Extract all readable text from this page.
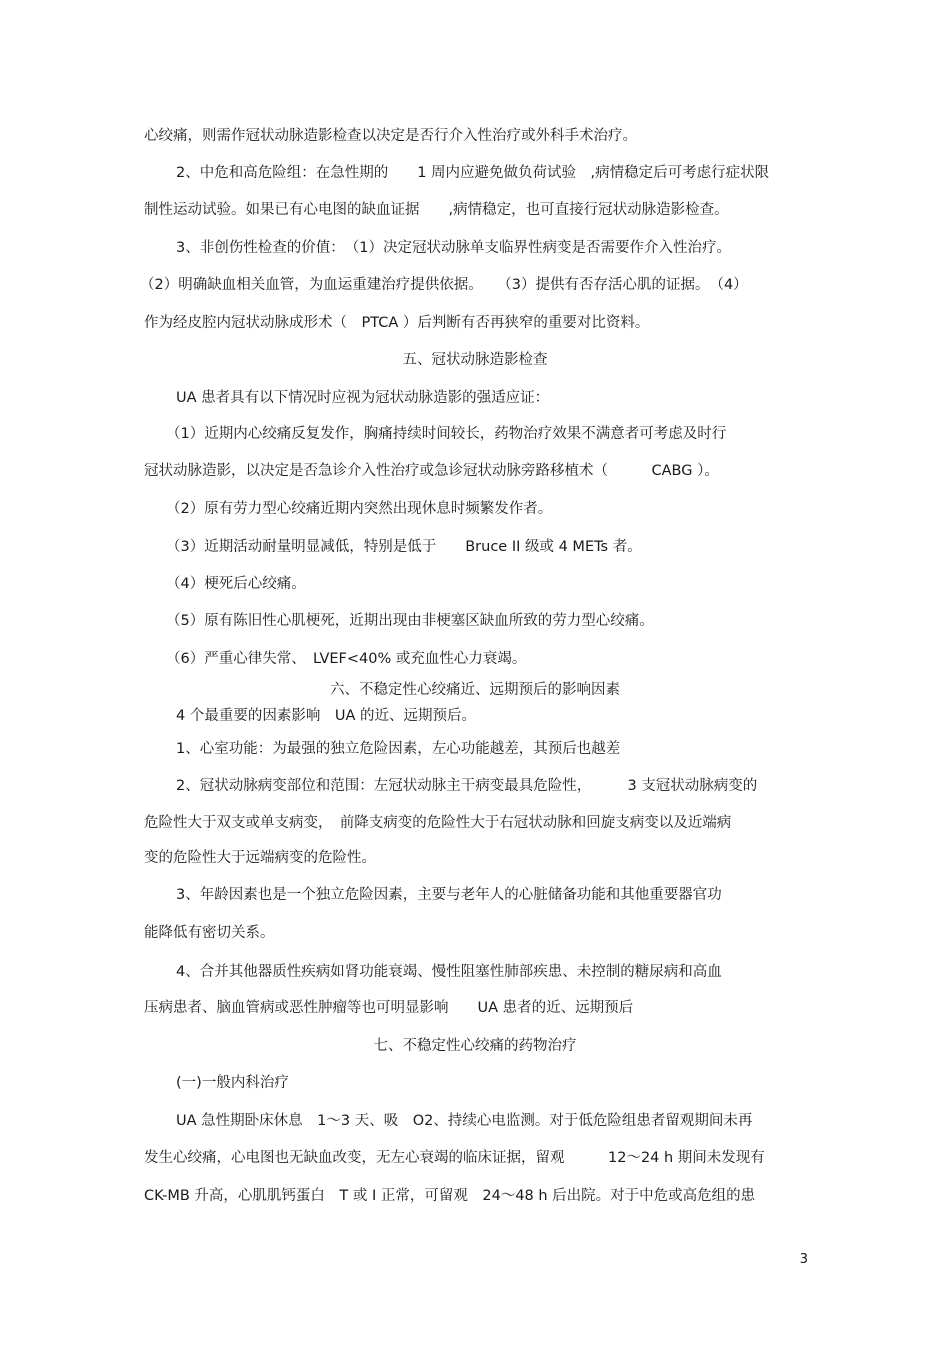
心绞痛，则需作冠状动脉造影检查以决定是否行介入性治疗或外科手术治疗。
2、中危和高危险组：在急性期的　　1 周内应避免做负荷试验　,病情稳定后可考虑行症状限
制性运动试验。如果已有心电图的缺血证据　　,病情稳定，也可直接行冠状动脉造影检查。
3、非创伤性检查的价值：　（1）决定冠状动脉单支临界性病变是否需要作介入性治疗。
（2）明确缺血相关血管，为血运重建治疗提供依据。　　（3）提供有否存活心肌的证据。　（4）
作为经皮腔内冠状动脉成形术（　PTCA ）后判断有否再狭窄的重要对比资料。
五、冠状动脉造影检查
UA 患者具有以下情况时应视为冠状动脉造影的强适应证：
（1）近期内心绞痛反复发作，胸痛持续时间较长，药物治疗效果不满意者可考虑及时行
冠状动脉造影，以决定是否急诊介入性治疗或急诊冠状动脉旁路移植术（　　　CABG ）。
（2）原有劳力型心绞痛近期内突然出现休息时频繁发作者。
（3）近期活动耐量明显减低，特别是低于　　Bruce II 级或 4 METs 者。
（4）梗死后心绞痛。
（5）原有陈旧性心肌梗死，近期出现由非梗塞区缺血所致的劳力型心绞痛。
（6）严重心律失常、　LVEF<40% 或充血性心力衰竭。
六、不稳定性心绞痛近、远期预后的影响因素
4 个最重要的因素影响　UA 的近、远期预后。
1、心室功能：为最强的独立危险因素，左心功能越差，其预后也越差
2、冠状动脉病变部位和范围：左冠状动脉主干病变最具危险性，　　　3 支冠状动脉病变的
危险性大于双支或单支病变，　前降支病变的危险性大于右冠状动脉和回旋支病变以及近端病
变的危险性大于远端病变的危险性。
3、年龄因素也是一个独立危险因素，主要与老年人的心脏储备功能和其他重要器官功
能降低有密切关系。
4、合并其他器质性疾病如肾功能衰竭、慢性阻塞性肺部疾患、未控制的糖尿病和高血
压病患者、脑血管病或恶性肿瘤等也可明显影响　　UA 患者的近、远期预后
七、不稳定性心绞痛的药物治疗
(一)一般内科治疗
UA 急性期卧床休息　1～3 天、吸　O2、持续心电监测。对于低危险组患者留观期间未再
发生心绞痛，心电图也无缺血改变，无左心衰竭的临床证据，留观　　　12～24 h 期间未发现有
CK-MB 升高，心肌肌钙蛋白　T 或 I 正常，可留观　24～48 h 后出院。对于中危或高危组的患
3
